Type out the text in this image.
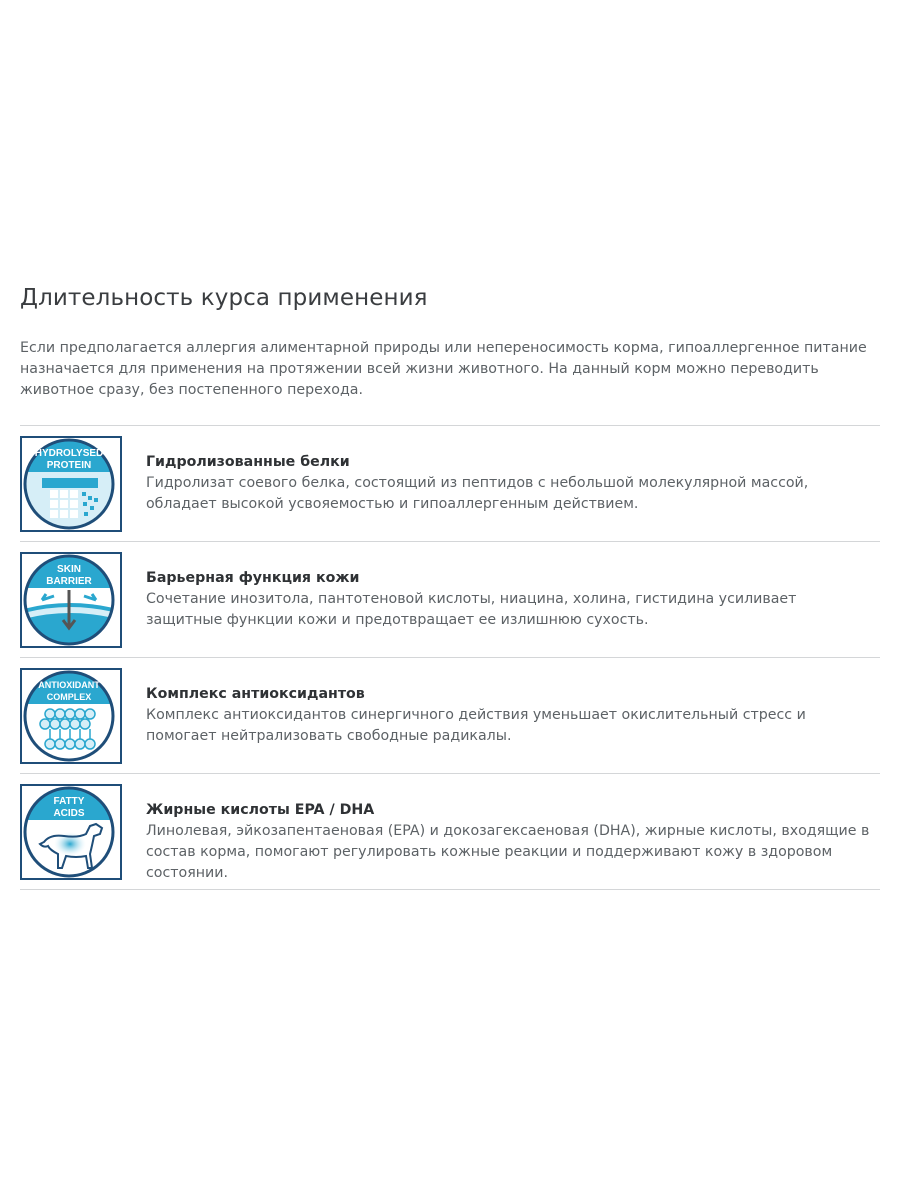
Длительность курса применения

Если предполагается аллергия алиментарной природы или непереносимость корма, гипоаллергенное питание назначается для применения на протяжении всей жизни животного. На данный корм можно переводить животное сразу, без постепенного перехода.

HYDROLYSED
PROTEIN	Гидролизованные белки

Гидролизат соевого белка, состоящий из пептидов с небольшой молекулярной массой, обладает высокой усвояемостью и гипоаллергенным действием.

SKIN
BARRIER	Барьерная функция кожи

Сочетание инозитола, пантотеновой кислоты, ниацина, холина, гистидина усиливает защитные функции кожи и предотвращает ее излишнюю сухость.

ANTIOXIDANT
COMPLEX	Комплекс антиоксидантов

Комплекс антиоксидантов синергичного действия уменьшает окислительный стресс и помогает нейтрализовать свободные радикалы.

FATTY
ACIDS	Жирные кислоты EPA / DHA

Линолевая, эйкозапентаеновая (EPA) и докозагексаеновая (DHA), жирные кислоты, входящие в состав корма, помогают регулировать кожные реакции и поддерживают кожу в здоровом состоянии.
